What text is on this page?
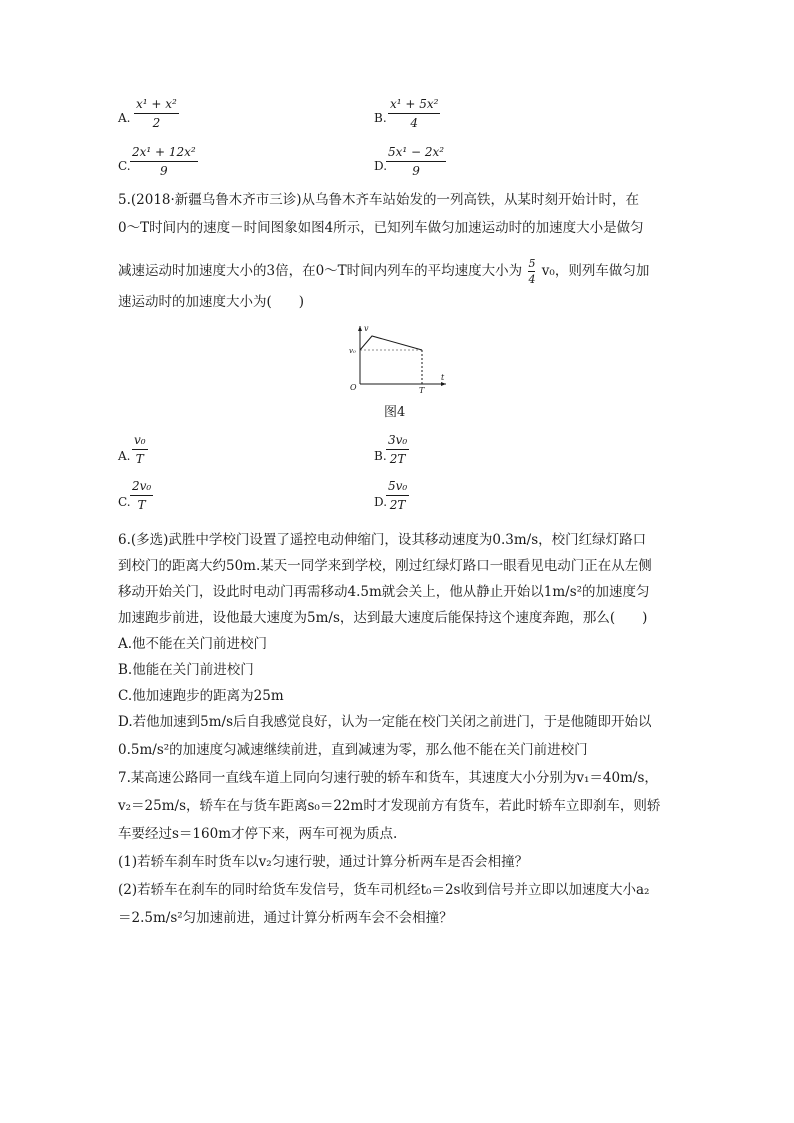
A.
x¹ + x²
2	B.
x¹ + 5x²
4
C.
2x¹ + 12x²
9	D.
5x¹ − 2x²
9
5.(2018·新疆乌鲁木齐市三诊)从乌鲁木齐车站始发的一列高铁，从某时刻开始计时，在
0～T时间内的速度－时间图象如图4所示，已知列车做匀加速运动时的加速度大小是做匀
减速运动时加速度大小的3倍，在0～T时间内列车的平均速度大小为 $\frac{5}{4} v_0$，则列车做匀加
速运动时的加速度大小为(　　)
v
t
O
v₀
T
图4
A.
v₀
T	B.
3v₀
2T
C.
2v₀
T	D.
5v₀
2T
6.(多选)武胜中学校门设置了遥控电动伸缩门，设其移动速度为0.3m/s，校门红绿灯路口
到校门的距离大约50m.某天一同学来到学校，刚过红绿灯路口一眼看见电动门正在从左侧
移动开始关门，设此时电动门再需移动4.5m就会关上，他从静止开始以1m/s²的加速度匀
加速跑步前进，设他最大速度为5m/s，达到最大速度后能保持这个速度奔跑，那么(　　)
A.他不能在关门前进校门
B.他能在关门前进校门
C.他加速跑步的距离为25m
D.若他加速到5m/s后自我感觉良好，认为一定能在校门关闭之前进门，于是他随即开始以
0.5m/s²的加速度匀减速继续前进，直到减速为零，那么他不能在关门前进校门
7.某高速公路同一直线车道上同向匀速行驶的轿车和货车，其速度大小分别为v₁＝40m/s，
v₂＝25m/s，轿车在与货车距离s₀＝22m时才发现前方有货车，若此时轿车立即刹车，则轿
车要经过s＝160m才停下来，两车可视为质点.
(1)若轿车刹车时货车以v₂匀速行驶，通过计算分析两车是否会相撞？
(2)若轿车在刹车的同时给货车发信号，货车司机经t₀＝2s收到信号并立即以加速度大小a₂
＝2.5m/s²匀加速前进，通过计算分析两车会不会相撞？
